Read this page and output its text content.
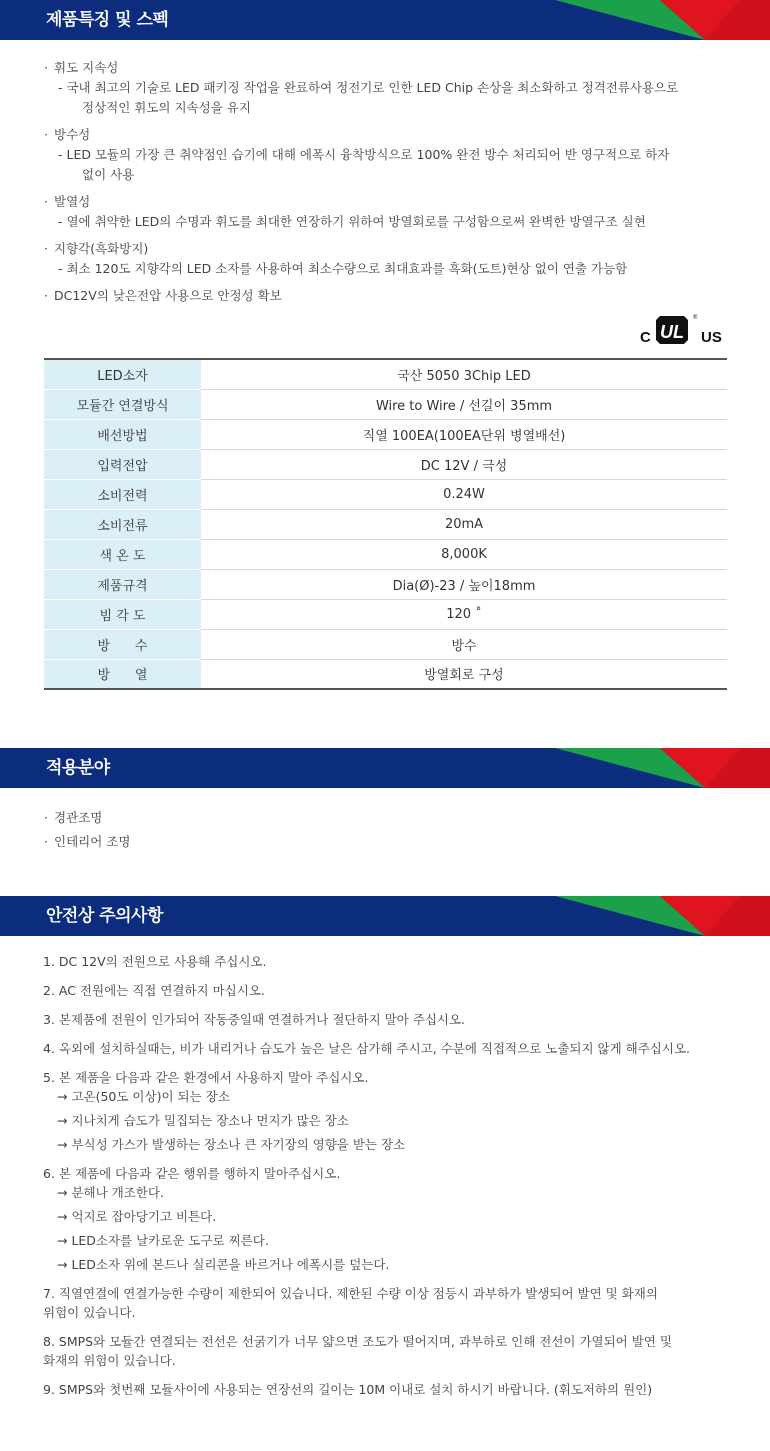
제품특징 및 스펙
· 휘도 지속성
- 국내 최고의 기술로 LED 패키징 작업을 완료하여 정전기로 인한 LED Chip 손상을 최소화하고 정격전류사용으로
정상적인 휘도의 지속성을 유지
· 방수성
- LED 모듈의 가장 큰 취약점인 습기에 대해 에폭시 융착방식으로 100% 완전 방수 처리되어 반 영구적으로 하자
없이 사용
· 발열성
- 열에 취약한 LED의 수명과 휘도를 최대한 연장하기 위하여 방열회로를 구성함으로써 완벽한 방열구조 실현
· 지향각(흑화방지)
- 최소 120도 지향각의 LED 소자를 사용하여 최소수량으로 최대효과를 흑화(도트)현상 없이 연출 가능함
· DC12V의 낮은전압 사용으로 안정성 확보
C UL
®
US
LED소자	국산 5050 3Chip LED
모듈간 연결방식	Wire to Wire / 선길이 35mm
배선방법	직열 100EA(100EA단위 병열배선)
입력전압	DC 12V / 극성
소비전력	0.24W
소비전류	20mA
색 온 도	8,000K
제품규격	Dia(Ø)-23 / 높이18mm
빔 각 도	120 ˚
방      수	방수
방      열	방열회로 구성
적용분야
· 경관조명
· 인테리어 조명
안전상 주의사항
1. DC 12V의 전원으로 사용해 주십시오.
2. AC 전원에는 직접 연결하지 마십시오.
3. 본제품에 전원이 인가되어 작동중일때 연결하거나 절단하지 말아 주십시오.
4. 옥외에 설치하실때는, 비가 내리거나 습도가 높은 날은 삼가해 주시고, 수분에 직접적으로 노출되지 않게 해주십시오.
5. 본 제품을 다음과 같은 환경에서 사용하지 말아 주십시오.
→ 고온(50도 이상)이 되는 장소
→ 지나치게 습도가 밀집되는 장소나 먼지가 많은 장소
→ 부식성 가스가 발생하는 장소나 큰 자기장의 영향을 받는 장소
6. 본 제품에 다음과 같은 행위를 행하지 말아주십시오.
→ 분해나 개조한다.
→ 억지로 잡아당기고 비튼다.
→ LED소자를 날카로운 도구로 찌른다.
→ LED소자 위에 본드나 실리콘을 바르거나 에폭시를 덮는다.
7. 직열연결에 연결가능한 수량이 제한되어 있습니다. 제한된 수량 이상 점등시 과부하가 발생되어 발연 및 화재의
위험이 있습니다.
8. SMPS와 모듈간 연결되는 전선은 선굵기가 너무 얇으면 조도가 떨어지며, 과부하로 인해 전선이 가열되어 발연 및
화재의 위험이 있습니다.
9. SMPS와 첫번째 모듈사이에 사용되는 연장선의 길이는 10M 이내로 설치 하시기 바랍니다. (휘도저하의 원인)
